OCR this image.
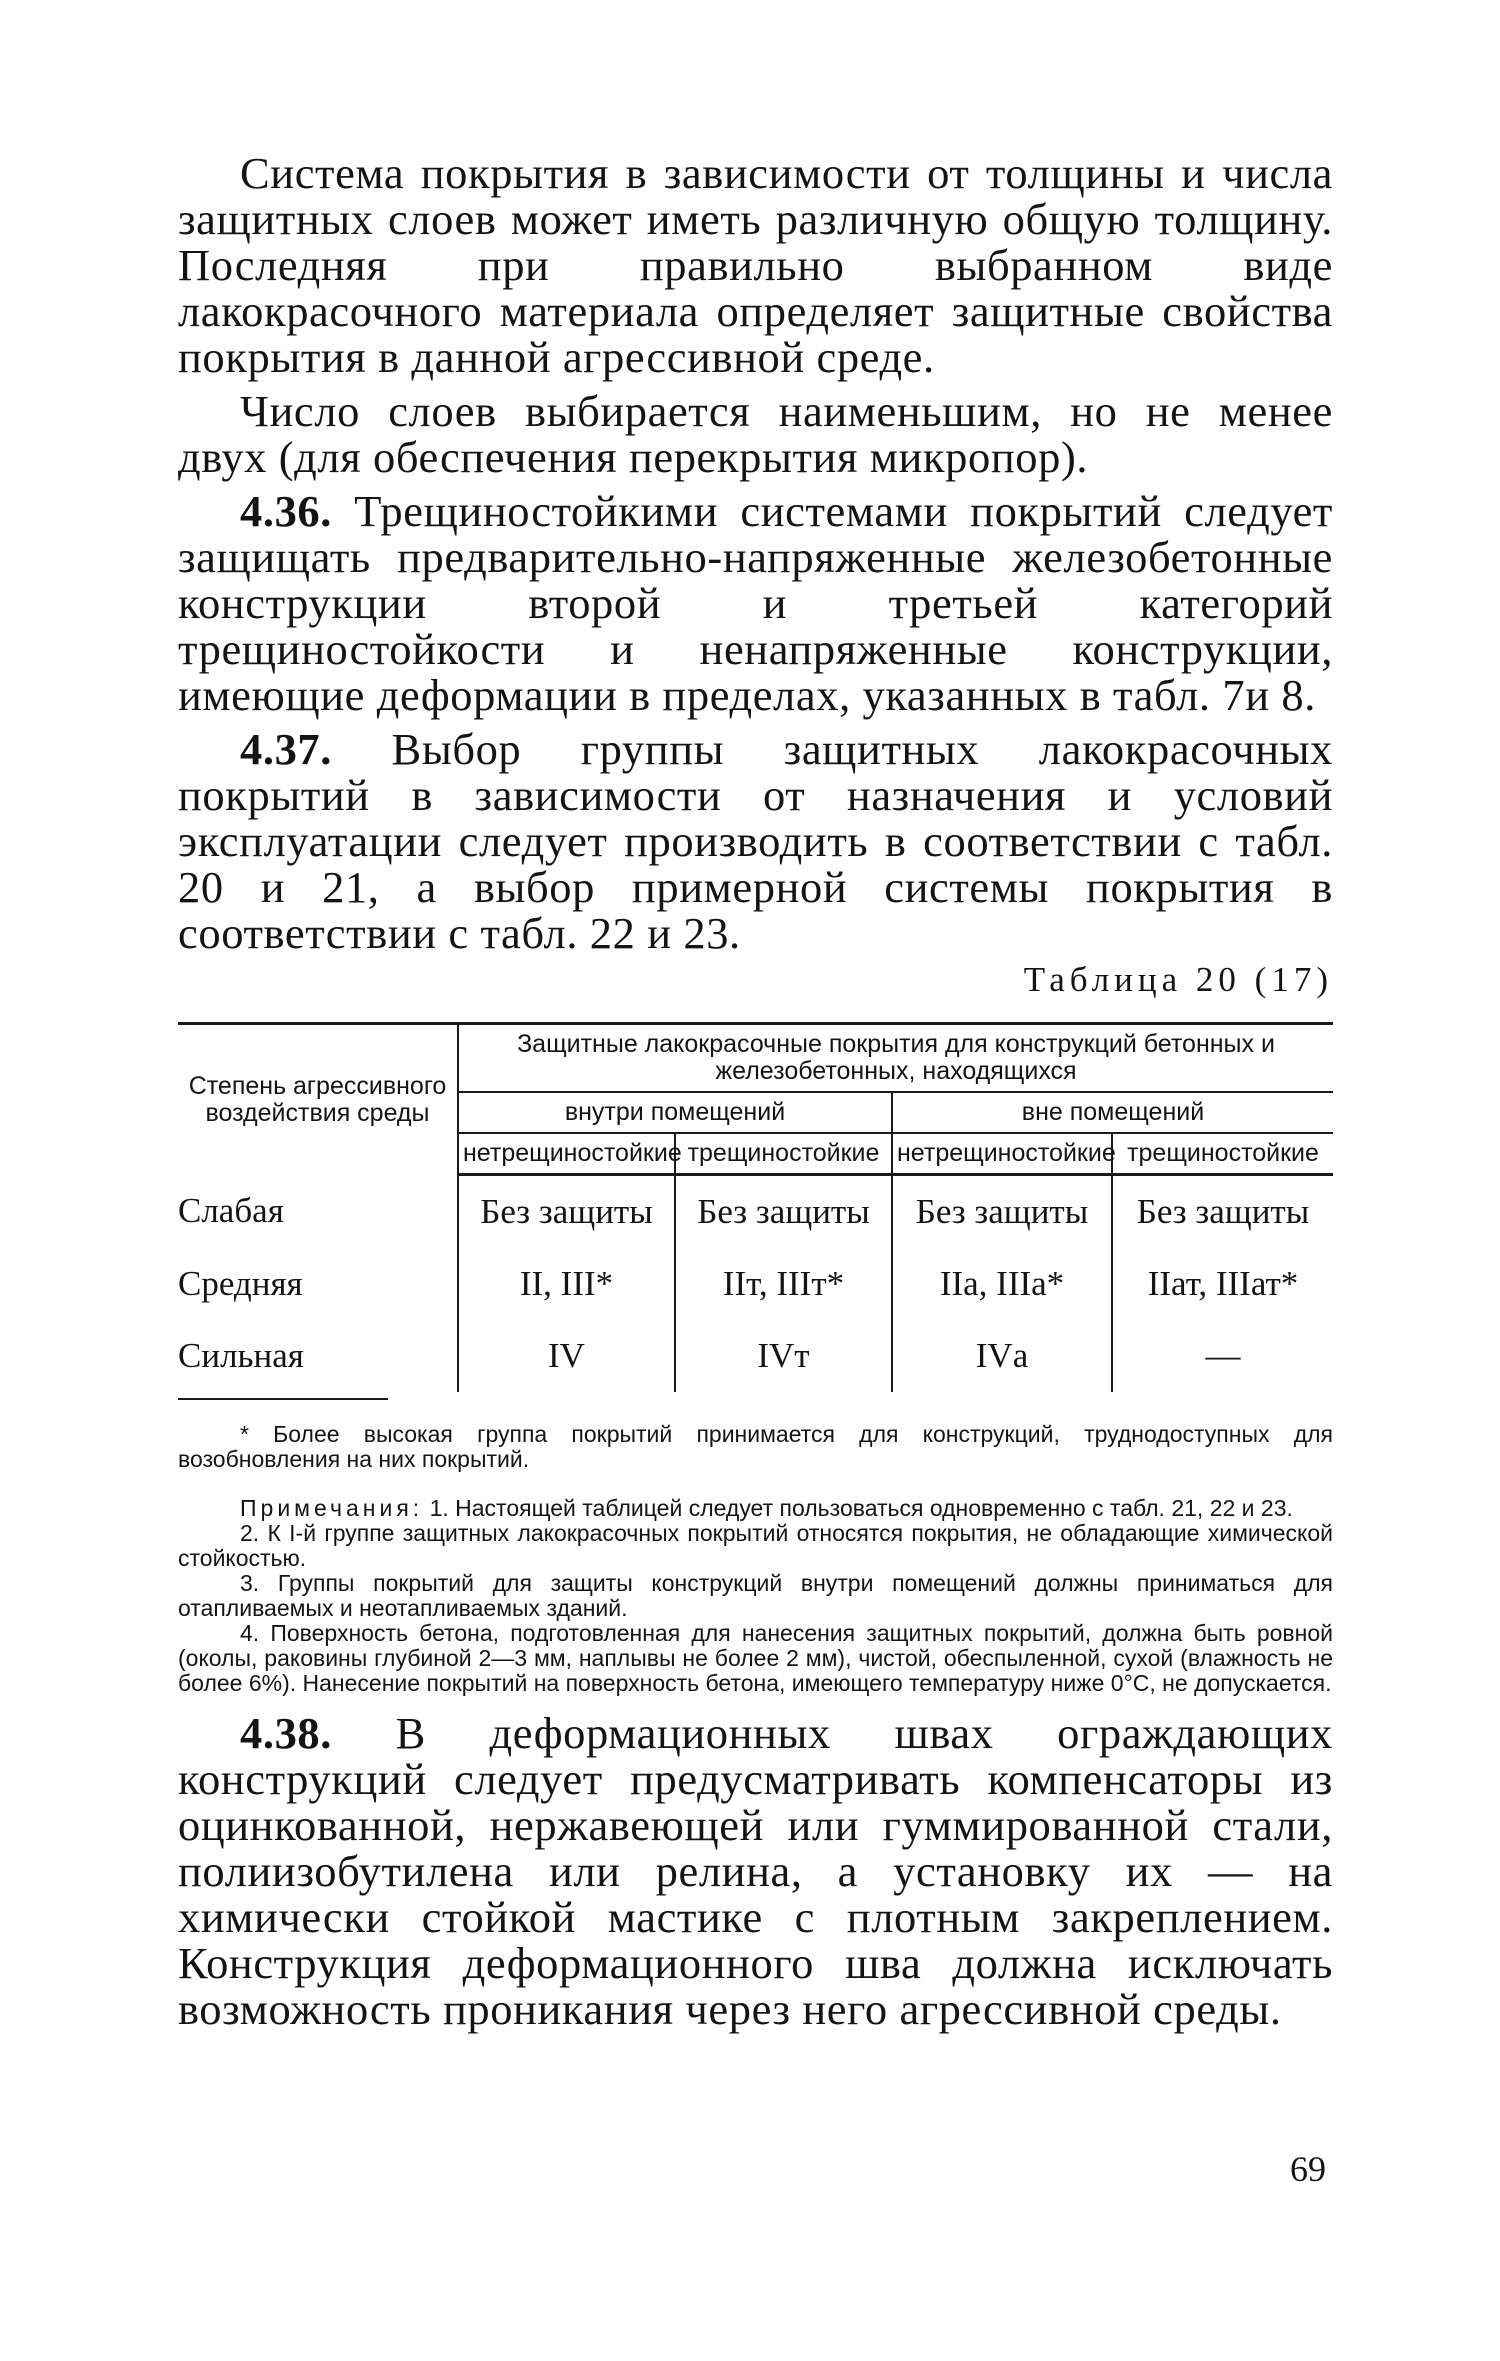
Система покрытия в зависимости от толщины и числа защитных слоев может иметь различную общую толщину. Последняя при правильно выбранном виде лакокрасочного материала определяет защитные свойства покрытия в данной агрессивной среде.

Число слоев выбирается наименьшим, но не менее двух (для обеспечения перекрытия микропор).

4.36. Трещиностойкими системами покрытий следует защищать предварительно-напряженные железобетонные конструкции второй и третьей категорий трещиностойкости и ненапряженные конструкции, имеющие деформации в пределах, указанных в табл. 7и 8.

4.37. Выбор группы защитных лакокрасочных покрытий в зависимости от назначения и условий эксплуатации следует производить в соответствии с табл. 20 и 21, а выбор примерной системы покрытия в соответствии с табл. 22 и 23.

Таблица 20 (17)
Степень агрессивного воздействия среды	Защитные лакокрасочные покрытия для конструкций бетонных и железобетонных, находящихся			
	внутри помещений		вне помещений	
	нетрещиностойкие	трещиностойкие	нетрещиностойкие	трещиностойкие
Слабая	Без защиты	Без защиты	Без защиты	Без защиты
Средняя	II, III*	IIт, IIIт*	IIа, IIIа*	IIат, IIIат*
Сильная	IV	IVт	IVа	—

* Более высокая группа покрытий принимается для конструкций, труднодоступных для возобновления на них покрытий.

Примечания: 1. Настоящей таблицей следует пользоваться одновременно с табл. 21, 22 и 23.

2. К I-й группе защитных лакокрасочных покрытий относятся покрытия, не обладающие химической стойкостью.

3. Группы покрытий для защиты конструкций внутри помещений должны приниматься для отапливаемых и неотапливаемых зданий.

4. Поверхность бетона, подготовленная для нанесения защитных покрытий, должна быть ровной (околы, раковины глубиной 2—3 мм, наплывы не более 2 мм), чистой, обеспыленной, сухой (влажность не более 6%). Нанесение покрытий на поверхность бетона, имеющего температуру ниже 0°С, не допускается.

4.38. В деформационных швах ограждающих конструкций следует предусматривать компенсаторы из оцинкованной, нержавеющей или гуммированной стали, полиизобутилена или релина, а установку их — на химически стойкой мастике с плотным закреплением. Конструкция деформационного шва должна исключать возможность проникания через него агрессивной среды.

69
